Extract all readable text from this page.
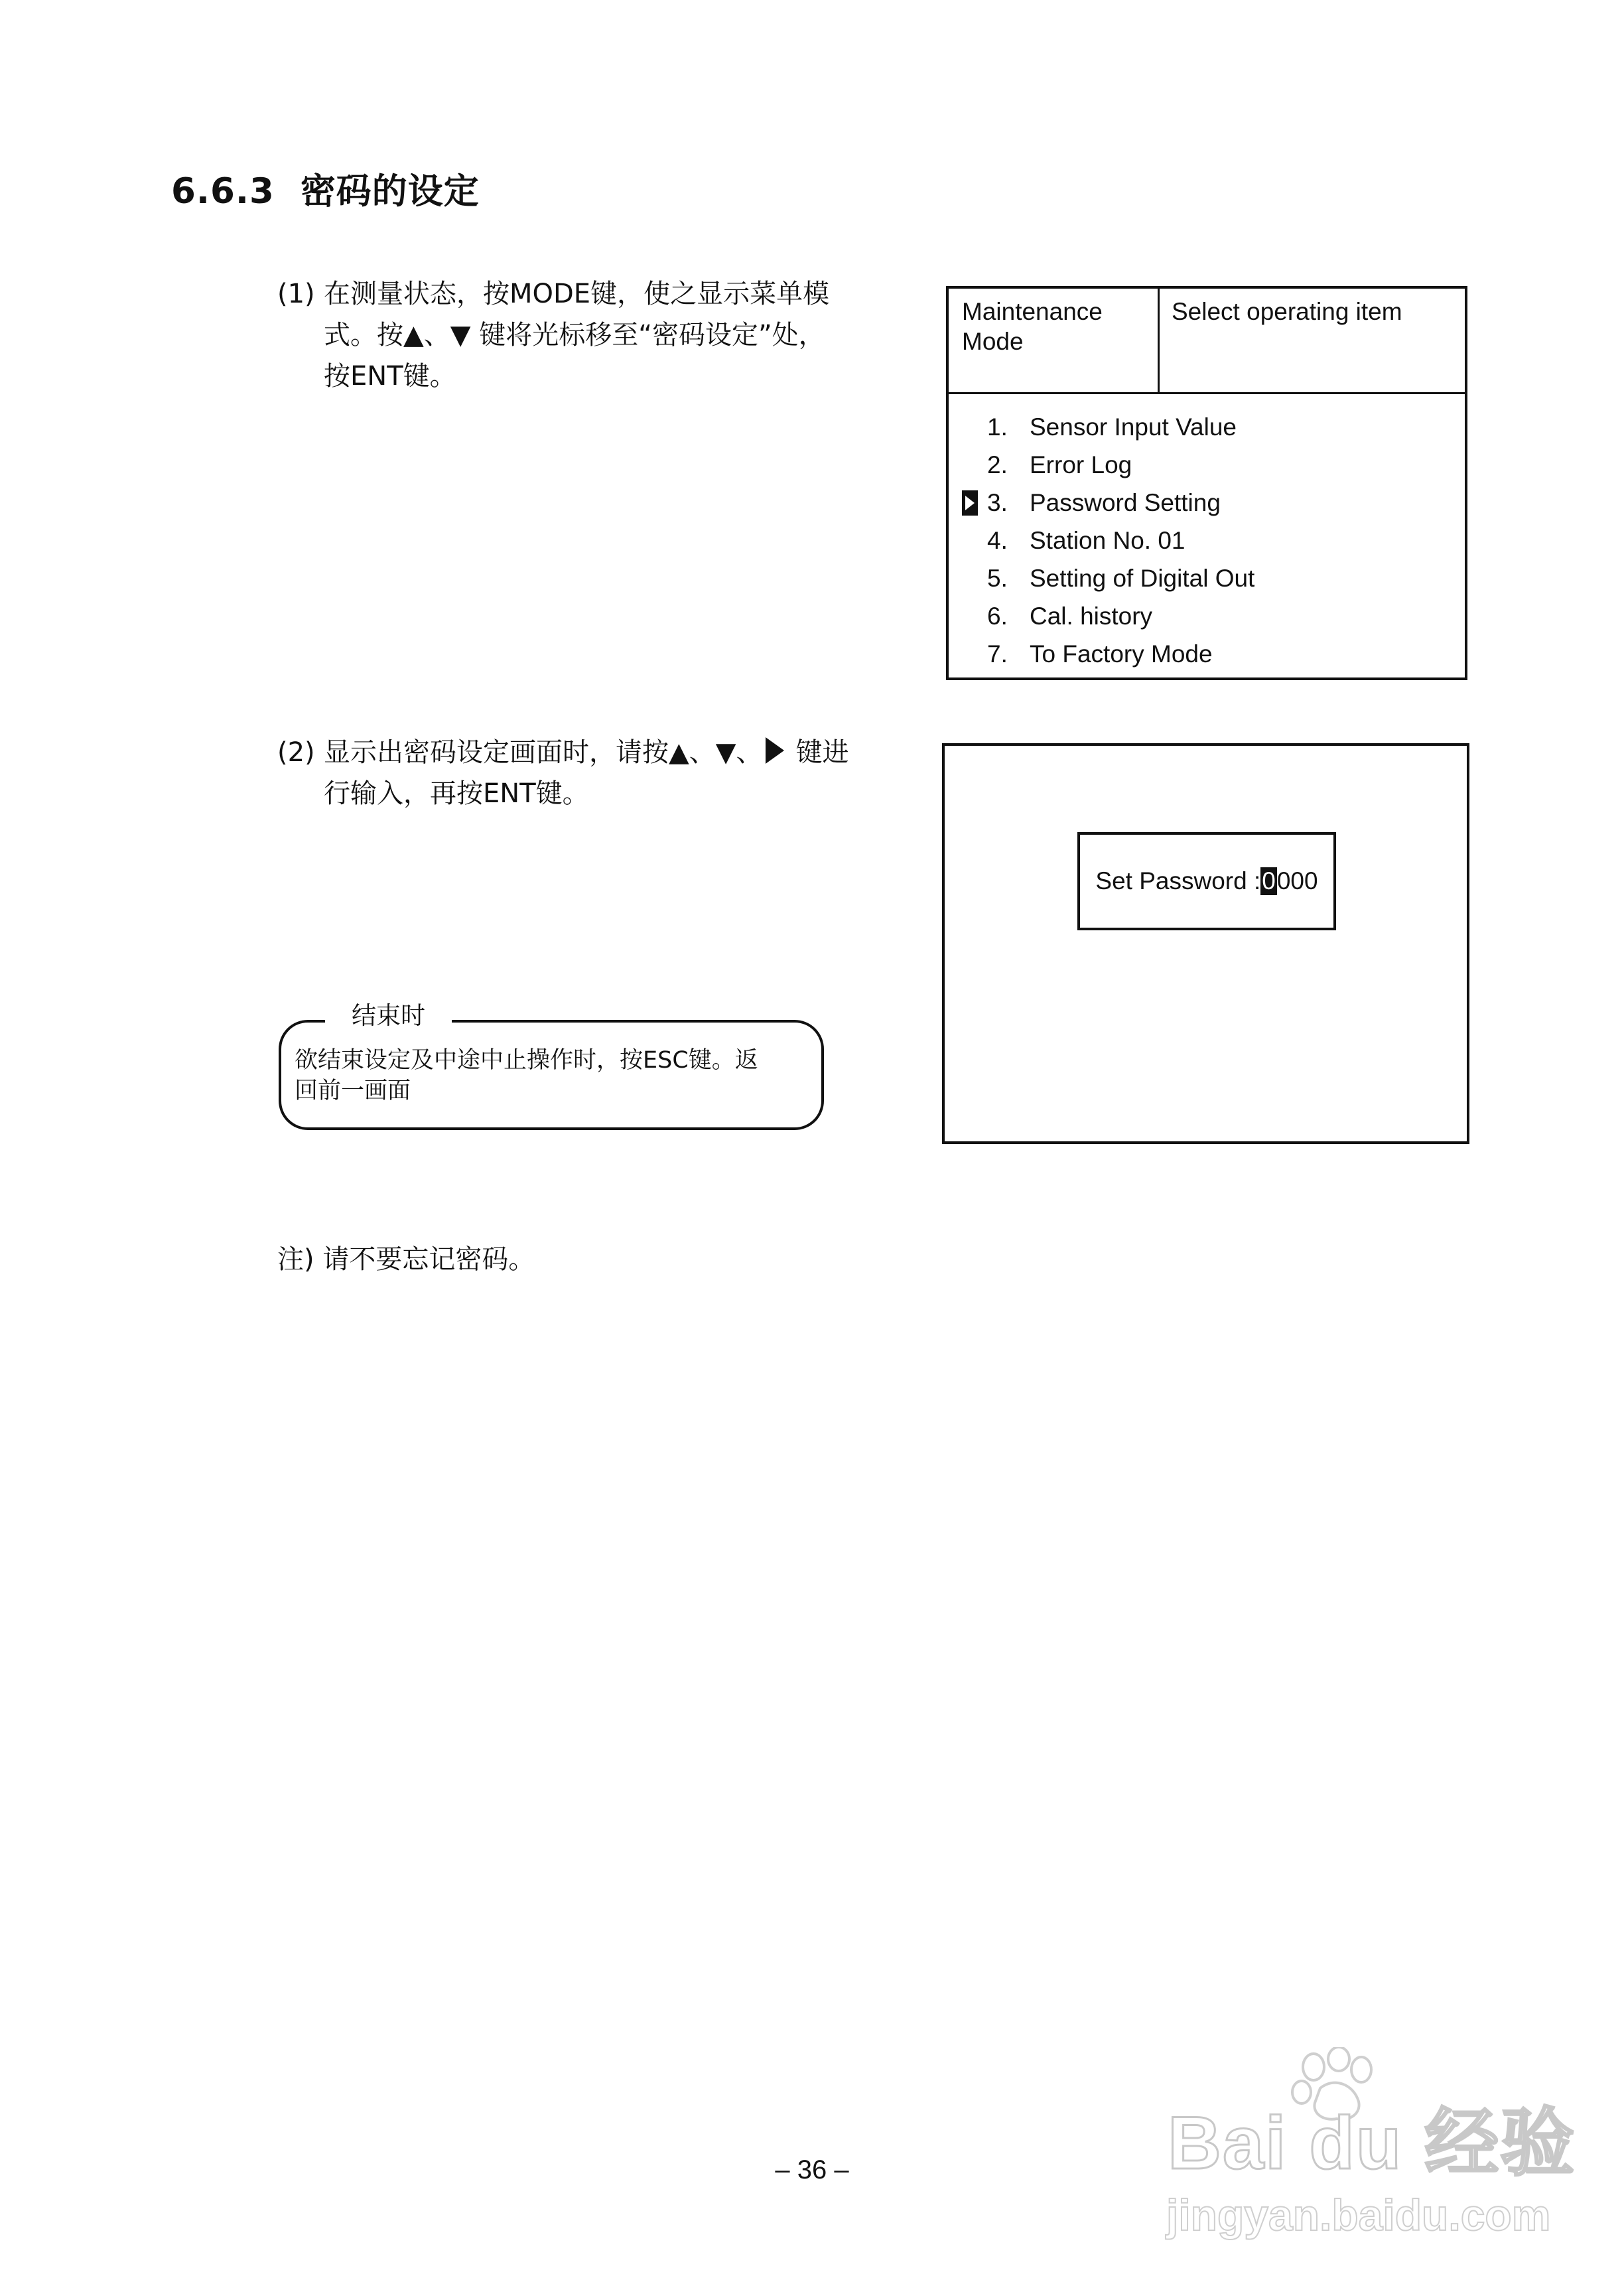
6.6.3 密码的设定
(1) 在测量状态，按MODE键，使之显示菜单模
式。按▲、▼ 键将光标移至“密码设定”处，
按ENT键。
Maintenance
Mode
Select operating item
1. Sensor Input Value
2. Error Log
3. Password Setting
4. Station No. 01
5. Setting of Digital Out
6. Cal. history
7. To Factory Mode
(2) 显示出密码设定画面时，请按▲、▼、 键进
行输入，再按ENT键。
Set Password : 0 000
结束时
欲结束设定及中途中止操作时，按ESC键。返
回前一画面
注) 请不要忘记密码。
– 36 –	Bai du 经验
jingyan.baidu.com
